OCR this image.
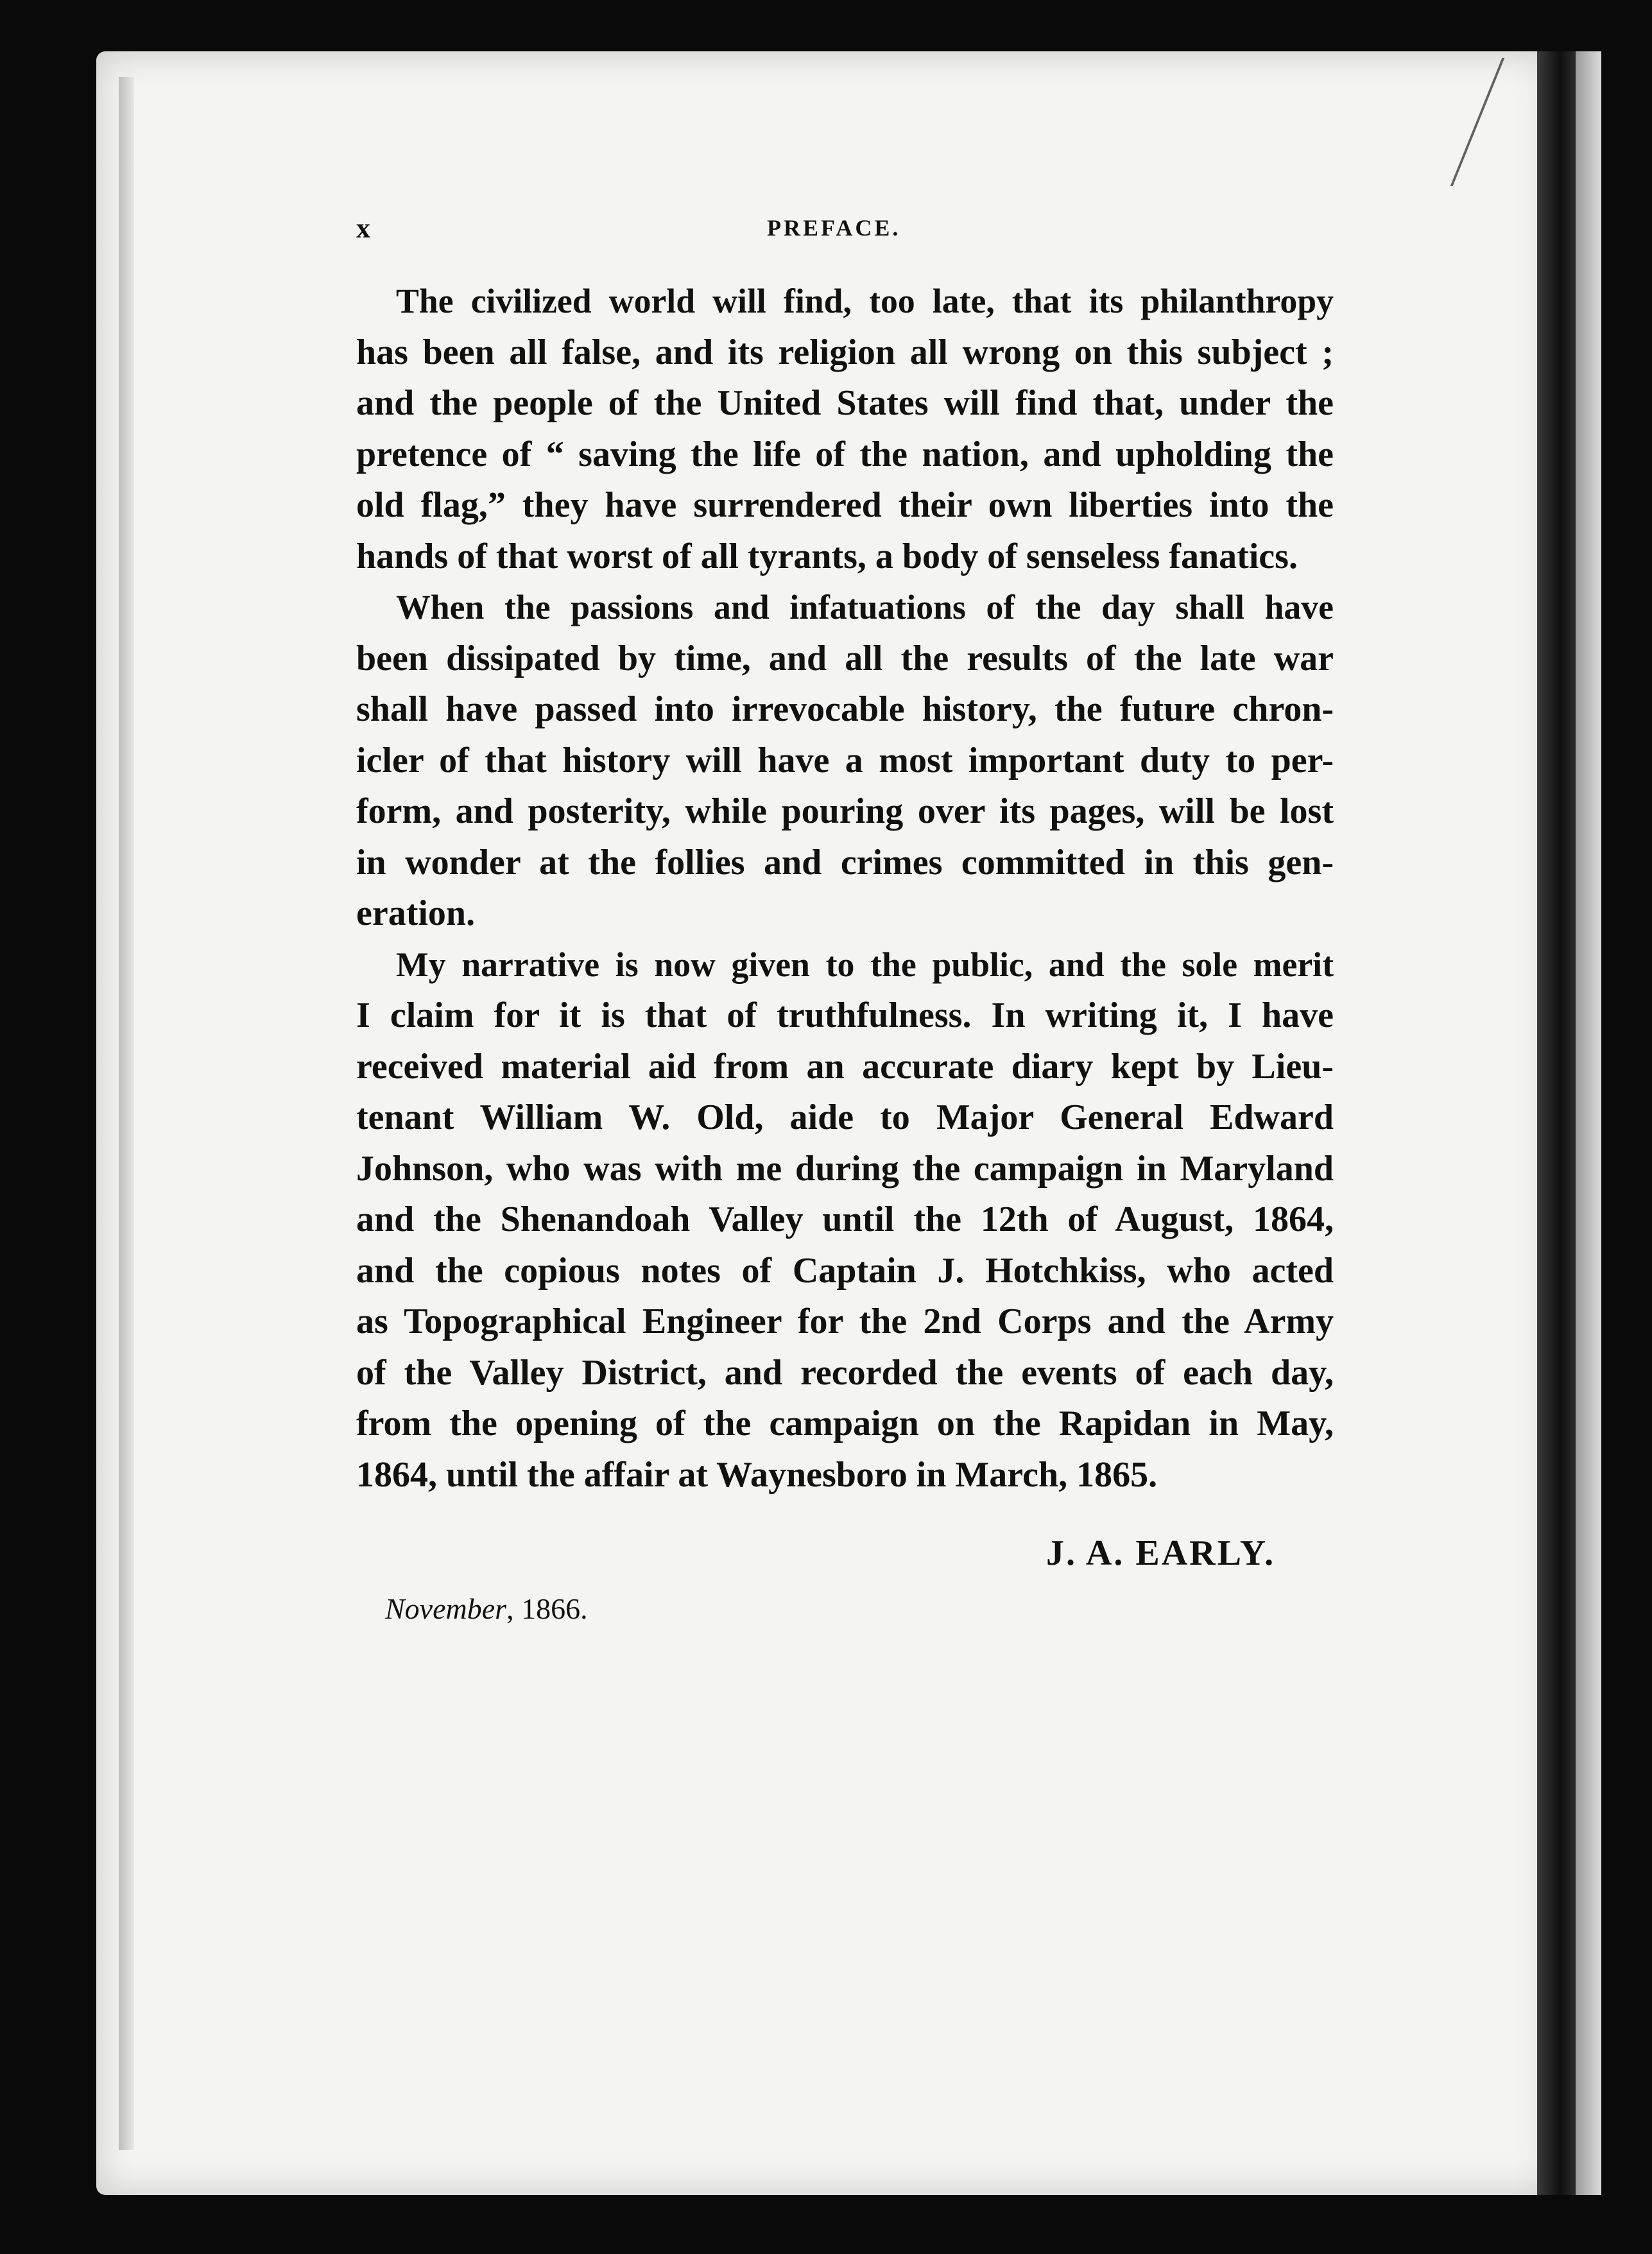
x	PREFACE.

The civilized world will find, too late, that its philanthropy
has been all false, and its religion all wrong on this subject ;
and the people of the United States will find that, under the
pretence of “ saving the life of the nation, and upholding the
old flag,” they have surrendered their own liberties into the
hands of that worst of all tyrants, a body of senseless fanatics.

When the passions and infatuations of the day shall have
been dissipated by time, and all the results of the late war
shall have passed into irrevocable history, the future chron-
icler of that history will have a most important duty to per-
form, and posterity, while pouring over its pages, will be lost
in wonder at the follies and crimes committed in this gen-
eration.

My narrative is now given to the public, and the sole merit
I claim for it is that of truthfulness. In writing it, I have
received material aid from an accurate diary kept by Lieu-
tenant William W. Old, aide to Major General Edward
Johnson, who was with me during the campaign in Maryland
and the Shenandoah Valley until the 12th of August, 1864,
and the copious notes of Captain J. Hotchkiss, who acted
as Topographical Engineer for the 2nd Corps and the Army
of the Valley District, and recorded the events of each day,
from the opening of the campaign on the Rapidan in May,
1864, until the affair at Waynesboro in March, 1865.

J. A. EARLY.
November, 1866.
